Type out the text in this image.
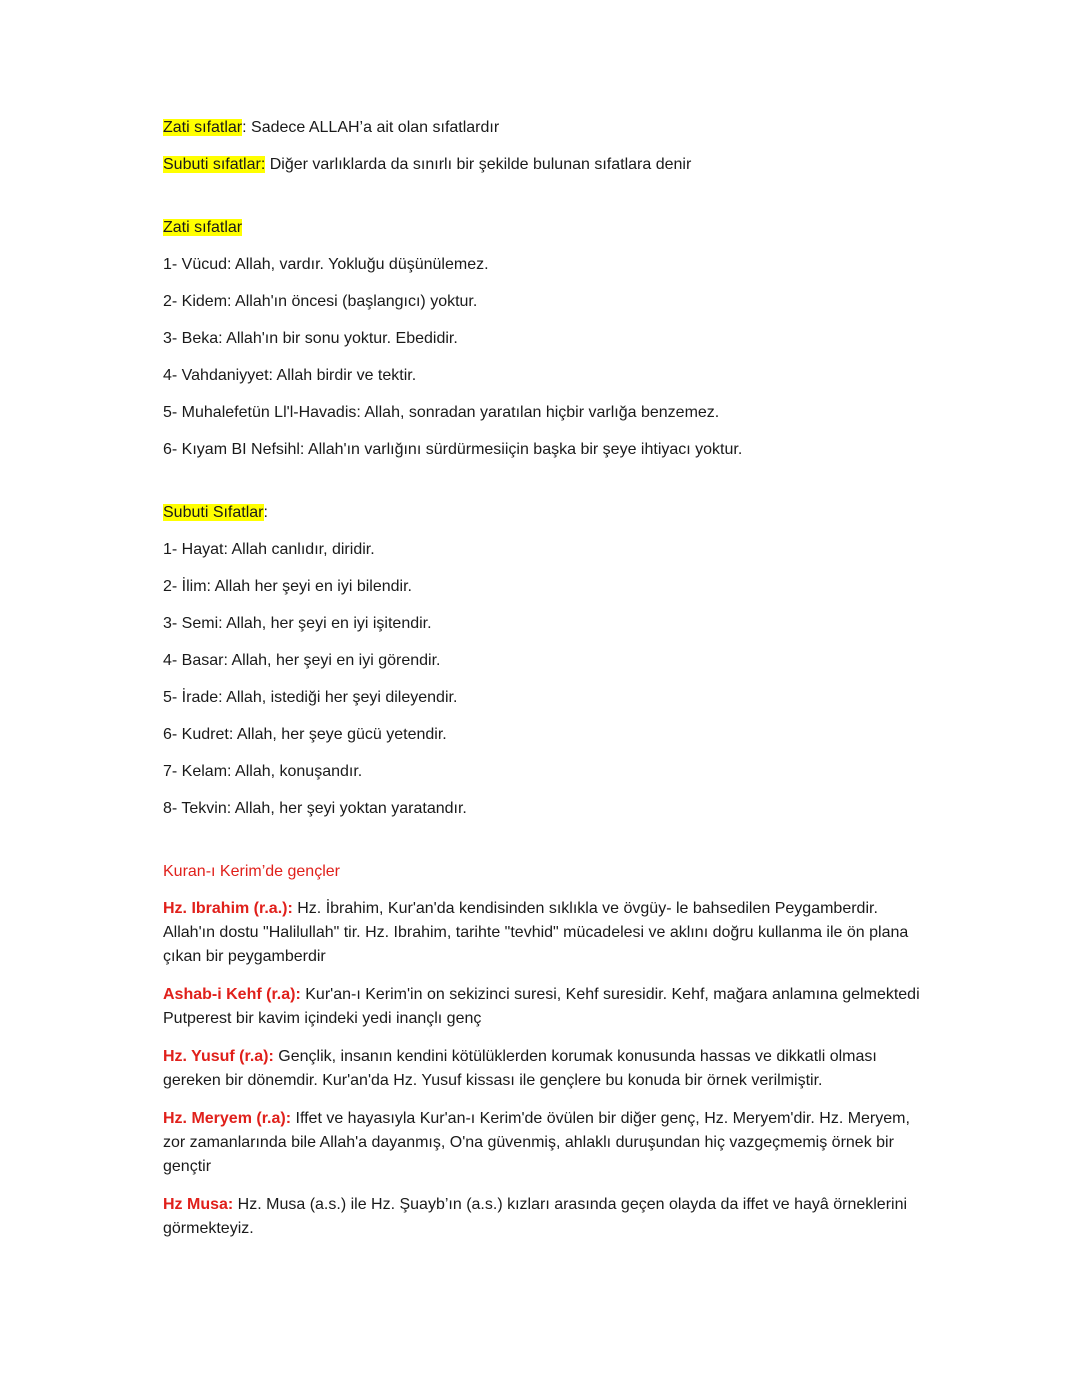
Zati sıfatlar: Sadece ALLAH’a ait olan sıfatlardır
Subuti sıfatlar: Diğer varlıklarda da sınırlı bir şekilde bulunan sıfatlara denir
Zati sıfatlar
1- Vücud: Allah, vardır. Yokluğu düşünülemez.
2- Kidem: Allah'ın öncesi (başlangıcı) yoktur.
3- Beka: Allah'ın bir sonu yoktur. Ebedidir.
4- Vahdaniyyet: Allah birdir ve tektir.
5- Muhalefetün Ll'l-Havadis: Allah, sonradan yaratılan hiçbir varlığa benzemez.
6- Kıyam BI Nefsihl: Allah'ın varlığını sürdürmesiiçin başka bir şeye ihtiyacı yoktur.
Subuti Sıfatlar:
1- Hayat: Allah canlıdır, diridir.
2- İlim: Allah her şeyi en iyi bilendir.
3- Semi: Allah, her şeyi en iyi işitendir.
4- Basar: Allah, her şeyi en iyi görendir.
5- İrade: Allah, istediği her şeyi dileyendir.
6- Kudret: Allah, her şeye gücü yetendir.
7- Kelam: Allah, konuşandır.
8- Tekvin: Allah, her şeyi yoktan yaratandır.
Kuran-ı Kerim’de gençler
Hz. Ibrahim (r.a.): Hz. İbrahim, Kur'an'da kendisinden sıklıkla ve övgüy- le bahsedilen Peygamberdir. Allah'ın dostu "Halilullah" tir. Hz. Ibrahim, tarihte "tevhid" mücadelesi ve aklını doğru kullanma ile ön plana çıkan bir peygamberdir
Ashab-i Kehf (r.a): Kur'an-ı Kerim'in on sekizinci suresi, Kehf suresidir. Kehf, mağara anlamına gelmektedi Putperest bir kavim içindeki yedi inançlı genç
Hz. Yusuf (r.a): Gençlik, insanın kendini kötülüklerden korumak konusunda hassas ve dikkatli olması gereken bir dönemdir. Kur'an'da Hz. Yusuf kissası ile gençlere bu konuda bir örnek verilmiştir.
Hz. Meryem (r.a): Iffet ve hayasıyla Kur'an-ı Kerim'de övülen bir diğer genç, Hz. Meryem'dir. Hz. Meryem, zor zamanlarında bile Allah'a dayanmış, O'na güvenmiş, ahlaklı duruşundan hiç vazgeçmemiş örnek bir gençtir
Hz Musa: Hz. Musa (a.s.) ile Hz. Şuayb’ın (a.s.) kızları arasında geçen olayda da iffet ve hayâ örneklerini görmekteyiz.
